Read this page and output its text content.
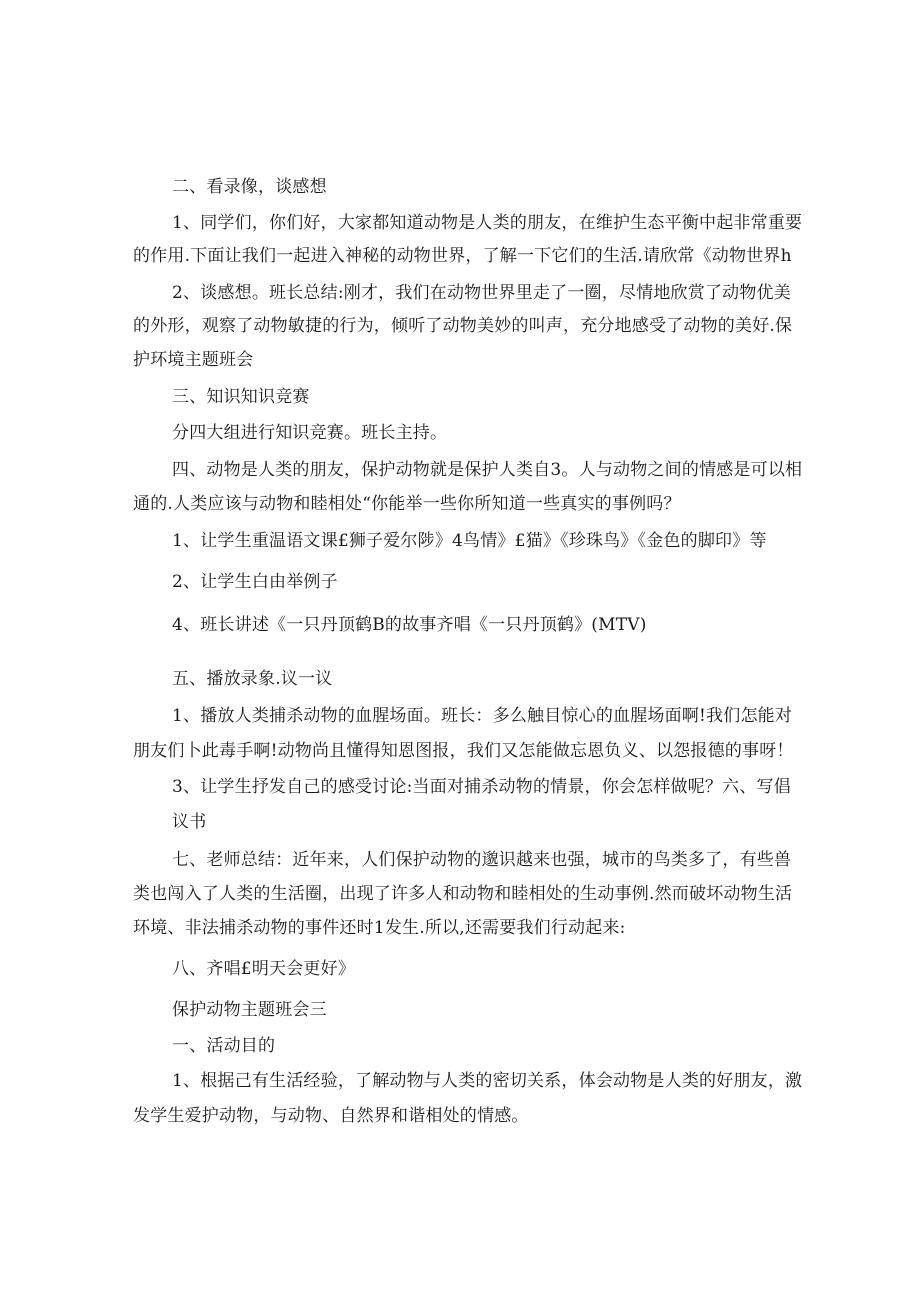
二、看录像，谈感想

1、同学们，你们好，大家都知道动物是人类的朋友，在维护生态平衡中起非常重要

的作用.下面让我们一起进入神秘的动物世界，了解一下它们的生活.请欣常《动物世界h

2、谈感想。班长总结:刚才，我们在动物世界里走了一圈，尽情地欣赏了动物优美

的外形，观察了动物敏捷的行为，倾听了动物美妙的叫声，充分地感受了动物的美好.保

护环境主题班会

三、知识知识竞赛

分四大组进行知识竞赛。班长主持。

四、动物是人类的朋友，保护动物就是保护人类自3。人与动物之间的情感是可以相

通的.人类应该与动物和睦相处“你能举一些你所知道一些真实的事例吗？

1、让学生重温语文课£狮子爱尔陟》4鸟情》£猫》《珍珠鸟》《金色的脚印》等

2、让学生白由举例子

4、班长讲述《一只丹顶鹤B的故事齐唱《一只丹顶鹤》(MTV)

五、播放录象.议一议

1、播放人类捕杀动物的血腥场面。班长：多么触目惊心的血腥场面啊!我们怎能对

朋友们卜此毒手啊!动物尚且懂得知恩图报，我们又怎能做忘恩负义、以怨报德的事呀！

3、让学生抒发自己的感受讨论:当面对捕杀动物的情景，你会怎样做呢？六、写倡

议书

七、老师总结：近年来，人们保护动物的邈识越来也强，城市的鸟类多了，有些兽

类也闯入了人类的生活圈，出现了许多人和动物和睦相处的生动事例.然而破坏动物生活

环境、非法捕杀动物的事件还时1发生.所以,还需要我们行动起来:

八、齐唱£明天会更好》

保护动物主题班会三

一、活动目的

1、根据己有生活经验，了解动物与人类的密切关系，体会动物是人类的好朋友，激

发学生爱护动物，与动物、自然界和谐相处的情感。
